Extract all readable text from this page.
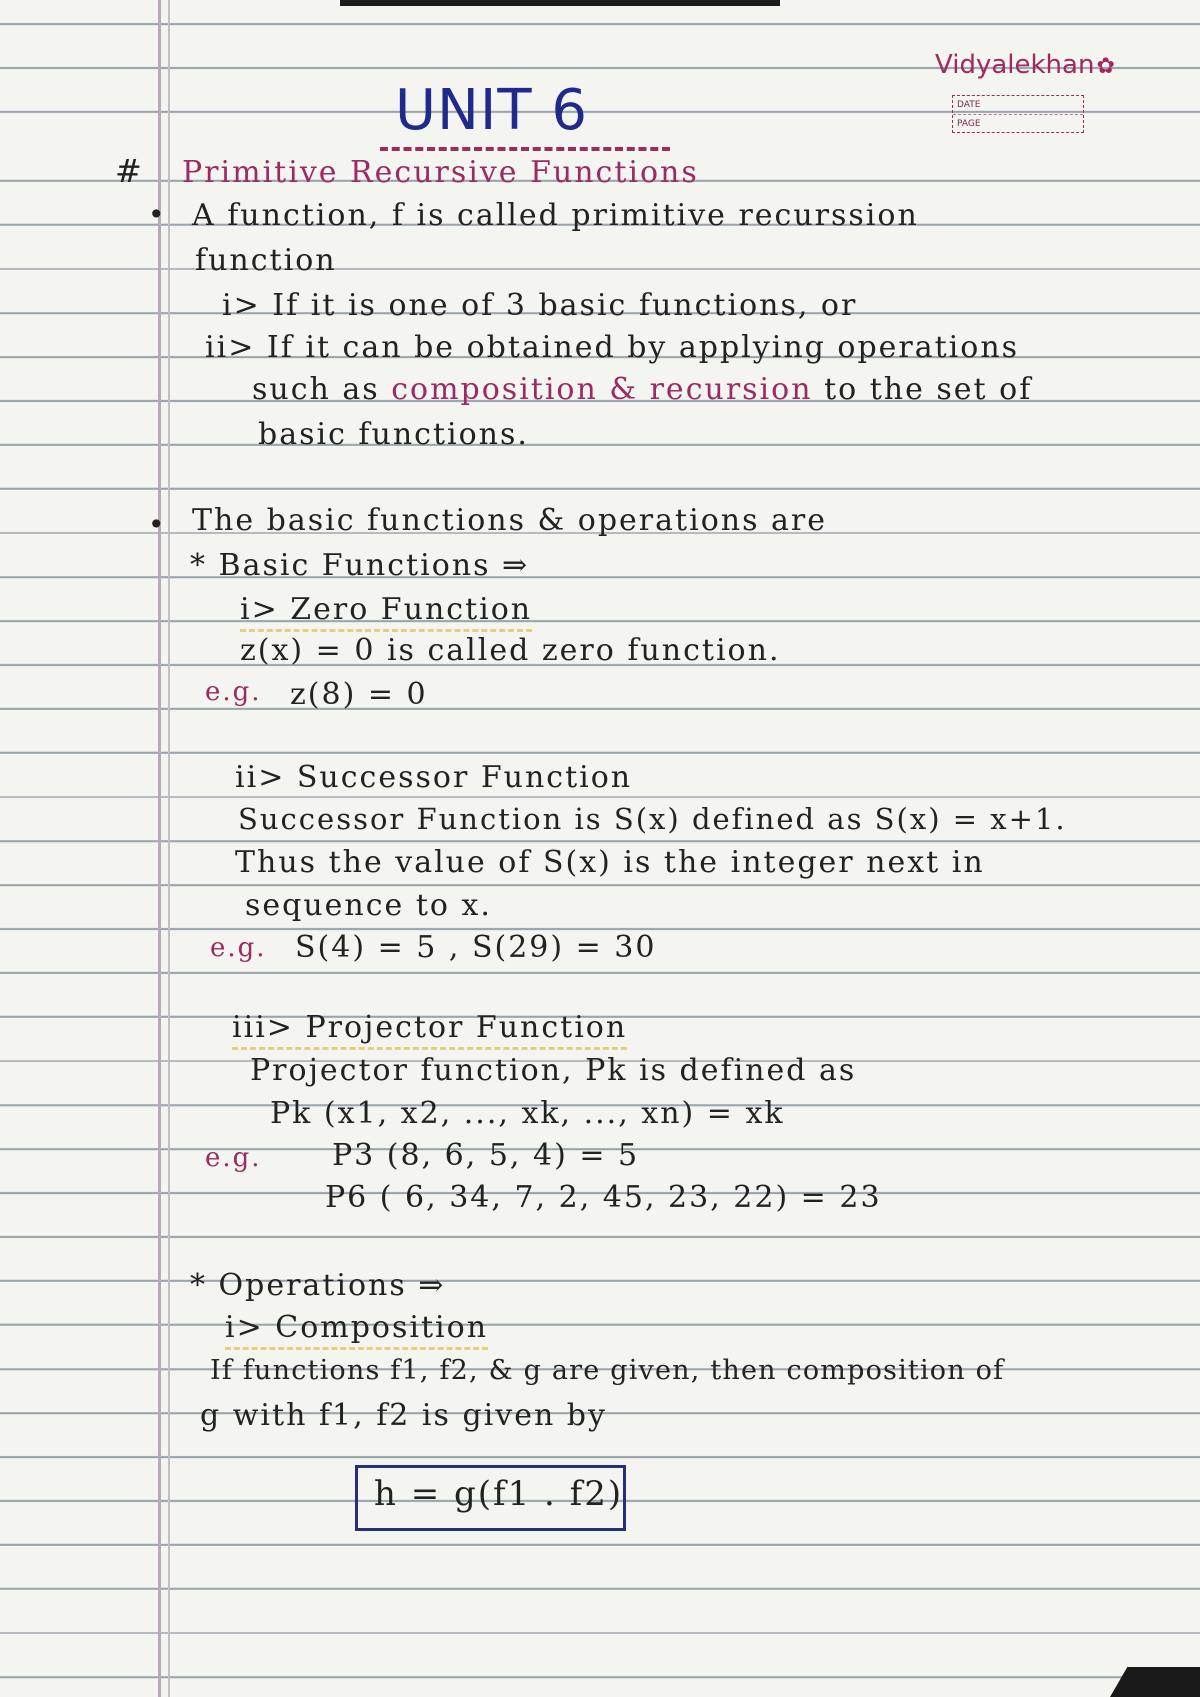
Vidyalekhan✿
DATE
PAGE
UNIT 6
# Primitive Recursive Functions
• A function, f is called primitive recurssion
function
i> If it is one of 3 basic functions, or
ii> If it can be obtained by applying operations
such as composition & recursion to the set of
basic functions.
• The basic functions & operations are
* Basic Functions ⇒
i> Zero Function
z(x) = 0 is called zero function.
e.g. z(8) = 0
ii> Successor Function
Successor Function is S(x) defined as S(x) = x+1.
Thus the value of S(x) is the integer next in
sequence to x.
e.g. S(4) = 5 , S(29) = 30
iii> Projector Function
Projector function, Pk is defined as
Pk (x1, x2, ..., xk, ..., xn) = xk
e.g. P3 (8, 6, 5, 4) = 5
P6 ( 6, 34, 7, 2, 45, 23, 22) = 23
* Operations ⇒
i> Composition
If functions f1, f2, & g are given, then composition of
g with f1, f2 is given by
h = g(f1 . f2)
